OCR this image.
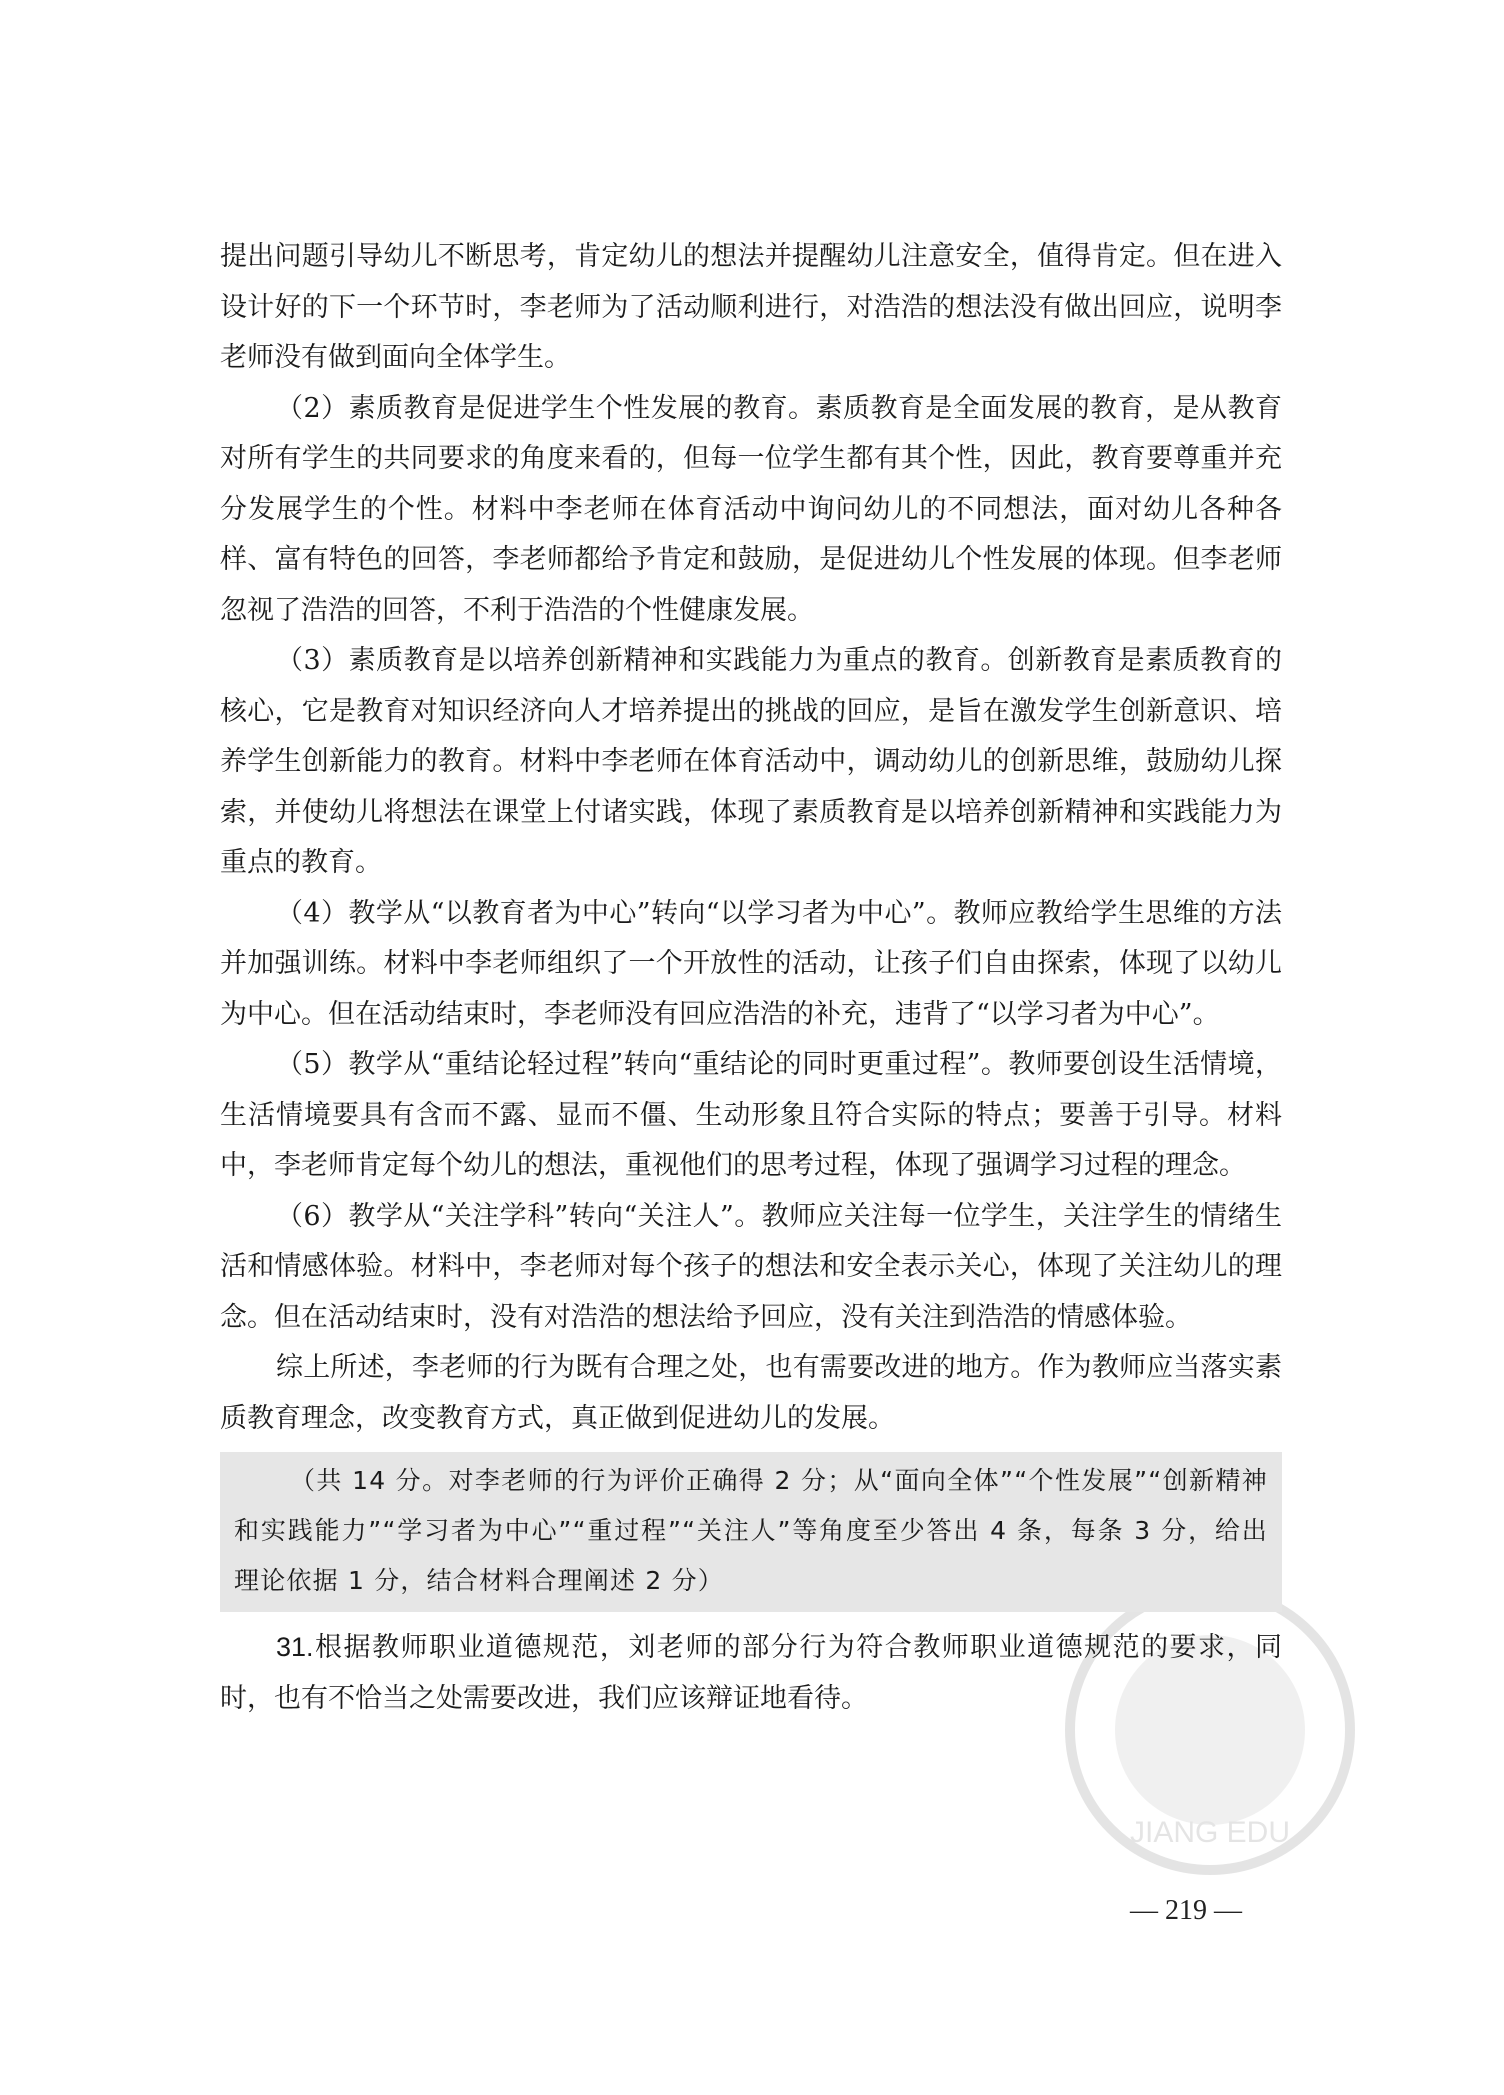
JIANG EDU

提出问题引导幼儿不断思考，肯定幼儿的想法并提醒幼儿注意安全，值得肯定。但在进入设计好的下一个环节时，李老师为了活动顺利进行，对浩浩的想法没有做出回应，说明李老师没有做到面向全体学生。

（2）素质教育是促进学生个性发展的教育。素质教育是全面发展的教育，是从教育对所有学生的共同要求的角度来看的，但每一位学生都有其个性，因此，教育要尊重并充分发展学生的个性。材料中李老师在体育活动中询问幼儿的不同想法，面对幼儿各种各样、富有特色的回答，李老师都给予肯定和鼓励，是促进幼儿个性发展的体现。但李老师忽视了浩浩的回答，不利于浩浩的个性健康发展。

（3）素质教育是以培养创新精神和实践能力为重点的教育。创新教育是素质教育的核心，它是教育对知识经济向人才培养提出的挑战的回应，是旨在激发学生创新意识、培养学生创新能力的教育。材料中李老师在体育活动中，调动幼儿的创新思维，鼓励幼儿探索，并使幼儿将想法在课堂上付诸实践，体现了素质教育是以培养创新精神和实践能力为重点的教育。

（4）教学从“以教育者为中心”转向“以学习者为中心”。教师应教给学生思维的方法并加强训练。材料中李老师组织了一个开放性的活动，让孩子们自由探索，体现了以幼儿为中心。但在活动结束时，李老师没有回应浩浩的补充，违背了“以学习者为中心”。

（5）教学从“重结论轻过程”转向“重结论的同时更重过程”。教师要创设生活情境，生活情境要具有含而不露、显而不僵、生动形象且符合实际的特点；要善于引导。材料中，李老师肯定每个幼儿的想法，重视他们的思考过程，体现了强调学习过程的理念。

（6）教学从“关注学科”转向“关注人”。教师应关注每一位学生，关注学生的情绪生活和情感体验。材料中，李老师对每个孩子的想法和安全表示关心，体现了关注幼儿的理念。但在活动结束时，没有对浩浩的想法给予回应，没有关注到浩浩的情感体验。

综上所述，李老师的行为既有合理之处，也有需要改进的地方。作为教师应当落实素质教育理念，改变教育方式，真正做到促进幼儿的发展。

（共 14 分。对李老师的行为评价正确得 2 分；从“面向全体”“个性发展”“创新精神和实践能力”“学习者为中心”“重过程”“关注人”等角度至少答出 4 条，每条 3 分，给出理论依据 1 分，结合材料合理阐述 2 分）

31.根据教师职业道德规范，刘老师的部分行为符合教师职业道德规范的要求，同时，也有不恰当之处需要改进，我们应该辩证地看待。

— 219 —
